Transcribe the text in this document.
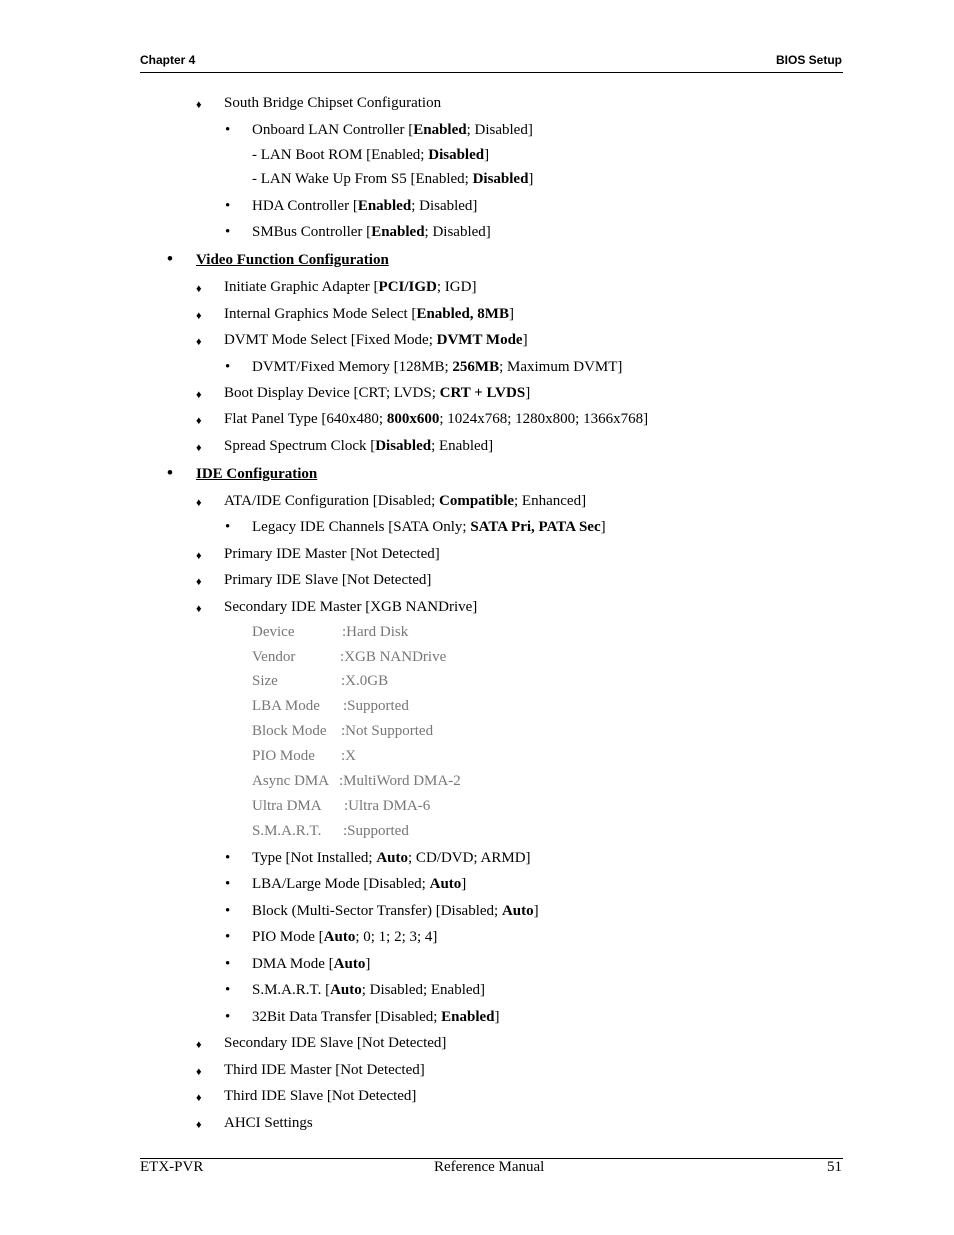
Chapter 4	BIOS Setup
♦ South Bridge Chipset Configuration
• Onboard LAN Controller [Enabled; Disabled]
- LAN Boot ROM [Enabled; Disabled]
- LAN Wake Up From S5 [Enabled; Disabled]
• HDA Controller [Enabled; Disabled]
• SMBus Controller [Enabled; Disabled]
• Video Function Configuration
♦ Initiate Graphic Adapter [PCI/IGD; IGD]
♦ Internal Graphics Mode Select [Enabled, 8MB]
♦ DVMT Mode Select [Fixed Mode; DVMT Mode]
• DVMT/Fixed Memory [128MB; 256MB; Maximum DVMT]
♦ Boot Display Device [CRT; LVDS; CRT + LVDS]
♦ Flat Panel Type [640x480; 800x600; 1024x768; 1280x800; 1366x768]
♦ Spread Spectrum Clock [Disabled; Enabled]
• IDE Configuration
♦ ATA/IDE Configuration [Disabled; Compatible; Enhanced]
• Legacy IDE Channels [SATA Only; SATA Pri, PATA Sec]
♦ Primary IDE Master [Not Detected]
♦ Primary IDE Slave [Not Detected]
♦ Secondary IDE Master [XGB NANDrive]
Device	:Hard Disk
Vendor	:XGB NANDrive
Size	:X.0GB
LBA Mode :Supported
Block Mode :Not Supported
PIO Mode :X
Async DMA :MultiWord DMA-2
Ultra DMA :Ultra DMA-6
S.M.A.R.T. :Supported
• Type [Not Installed; Auto; CD/DVD; ARMD]
• LBA/Large Mode [Disabled; Auto]
• Block (Multi-Sector Transfer) [Disabled; Auto]
• PIO Mode [Auto; 0; 1; 2; 3; 4]
• DMA Mode [Auto]
• S.M.A.R.T. [Auto; Disabled; Enabled]
• 32Bit Data Transfer [Disabled; Enabled]
♦ Secondary IDE Slave [Not Detected]
♦ Third IDE Master [Not Detected]
♦ Third IDE Slave [Not Detected]
♦ AHCI Settings
ETX-PVR	Reference Manual	51
